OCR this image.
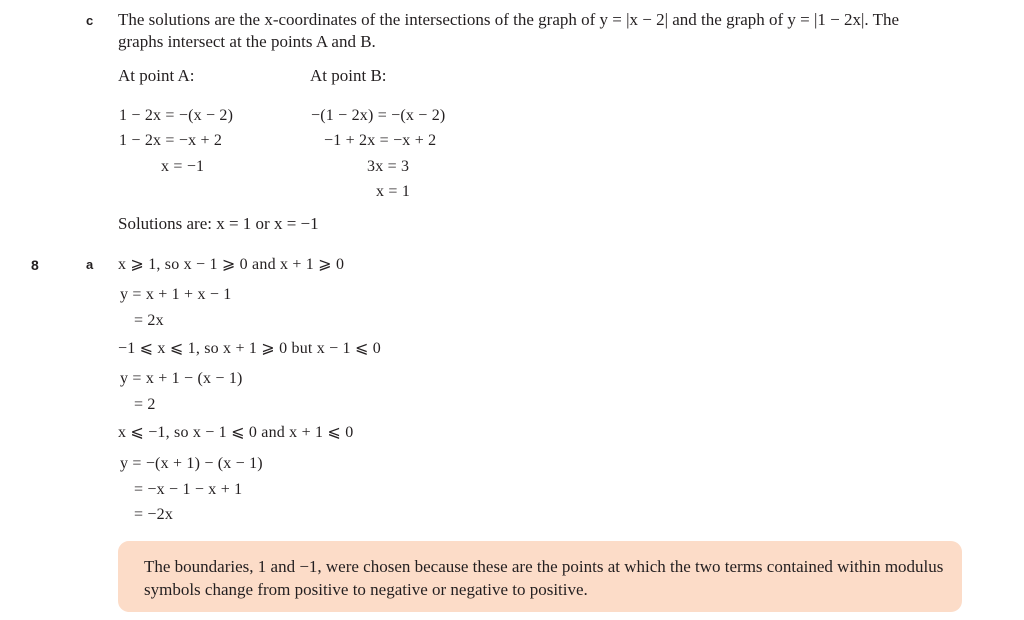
c The solutions are the x-coordinates of the intersections of the graph of y = |x − 2| and the graph of y = |1 − 2x|. The
graphs intersect at the points A and B.
At point A:	At point B:
1 − 2x = −(x − 2)
1 − 2x = −x + 2
x = −1
−(1 − 2x) = −(x − 2)
−1 + 2x = −x + 2
3x = 3
x = 1
Solutions are: x = 1 or x = −1
8	a x ⩾ 1, so x − 1 ⩾ 0 and x + 1 ⩾ 0
y = x + 1 + x − 1
= 2x
−1 ⩽ x ⩽ 1, so x + 1 ⩾ 0 but x − 1 ⩽ 0
y = x + 1 − (x − 1)
= 2
x ⩽ −1, so x − 1 ⩽ 0 and x + 1 ⩽ 0
y = −(x + 1) − (x − 1)
= −x − 1 − x + 1
= −2x
The boundaries, 1 and −1, were chosen because these are the points at which the two terms contained within modulus symbols change from positive to negative or negative to positive.
